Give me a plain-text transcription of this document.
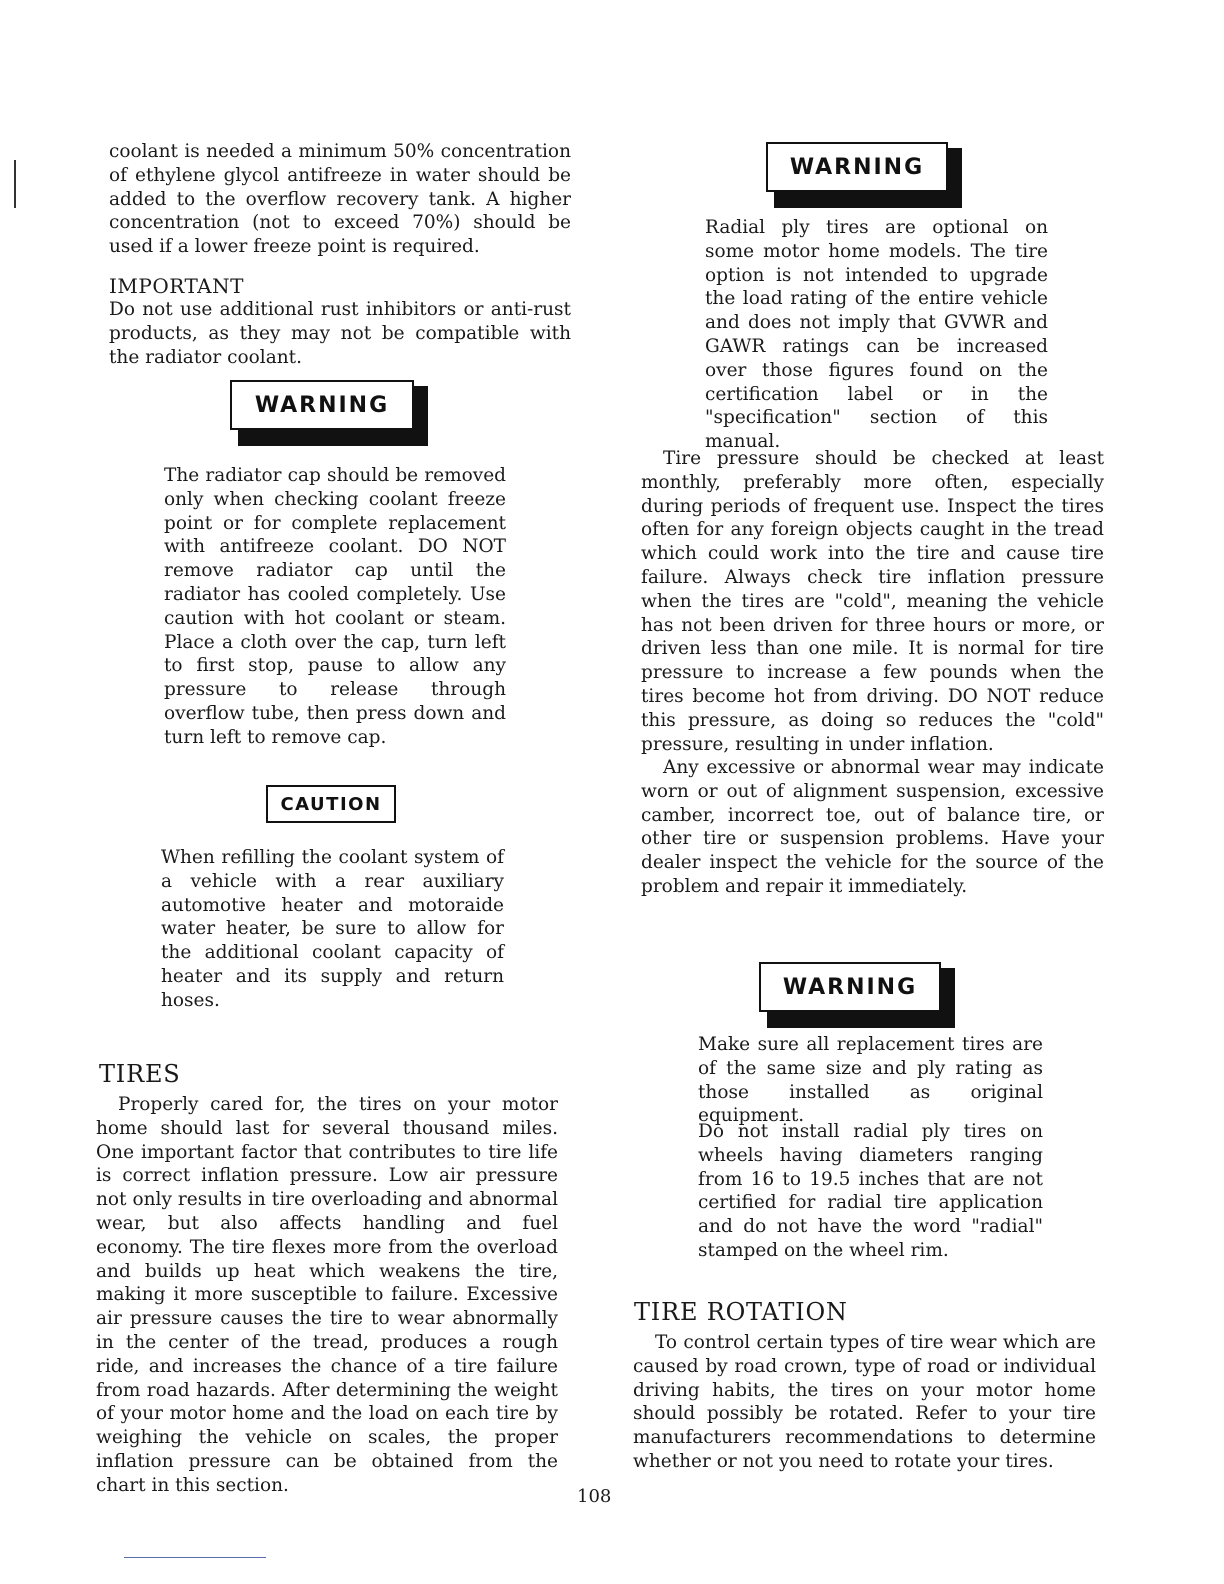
coolant is needed a minimum 50% concentration of ethylene glycol antifreeze in water should be added to the overflow recovery tank. A higher concentration (not to exceed 70%) should be used if a lower freeze point is required.

IMPORTANT

Do not use additional rust inhibitors or anti-rust products, as they may not be compatible with the radiator coolant.

WARNING

The radiator cap should be removed only when checking coolant freeze point or for complete replacement with antifreeze coolant. DO NOT remove radiator cap until the radiator has cooled completely. Use caution with hot coolant or steam. Place a cloth over the cap, turn left to first stop, pause to allow any pressure to release through overflow tube, then press down and turn left to remove cap.

CAUTION

When refilling the coolant system of a vehicle with a rear auxiliary automotive heater and motoraide water heater, be sure to allow for the additional coolant capacity of heater and its supply and return hoses.

TIRES

Properly cared for, the tires on your motor home should last for several thousand miles. One important factor that contributes to tire life is correct inflation pressure. Low air pressure not only results in tire overloading and abnormal wear, but also affects handling and fuel economy. The tire flexes more from the overload and builds up heat which weakens the tire, making it more susceptible to failure. Excessive air pressure causes the tire to wear abnormally in the center of the tread, produces a rough ride, and increases the chance of a tire failure from road hazards. After determining the weight of your motor home and the load on each tire by weighing the vehicle on scales, the proper inflation pressure can be obtained from the chart in this section.

WARNING

Radial ply tires are optional on some motor home models. The tire option is not intended to upgrade the load rating of the entire vehicle and does not imply that GVWR and GAWR ratings can be increased over those figures found on the certification label or in the "specification" section of this manual.

Tire pressure should be checked at least monthly, preferably more often, especially during periods of frequent use. Inspect the tires often for any foreign objects caught in the tread which could work into the tire and cause tire failure. Always check tire inflation pressure when the tires are "cold", meaning the vehicle has not been driven for three hours or more, or driven less than one mile. It is normal for tire pressure to increase a few pounds when the tires become hot from driving. DO NOT reduce this pressure, as doing so reduces the "cold" pressure, resulting in under inflation.

Any excessive or abnormal wear may indicate worn or out of alignment suspension, excessive camber, incorrect toe, out of balance tire, or other tire or suspension problems. Have your dealer inspect the vehicle for the source of the problem and repair it immediately.

WARNING

Make sure all replacement tires are of the same size and ply rating as those installed as original equipment.

Do not install radial ply tires on wheels having diameters ranging from 16 to 19.5 inches that are not certified for radial tire application and do not have the word "radial" stamped on the wheel rim.

TIRE ROTATION

To control certain types of tire wear which are caused by road crown, type of road or individual driving habits, the tires on your motor home should possibly be rotated. Refer to your tire manufacturers recommendations to determine whether or not you need to rotate your tires.

108
